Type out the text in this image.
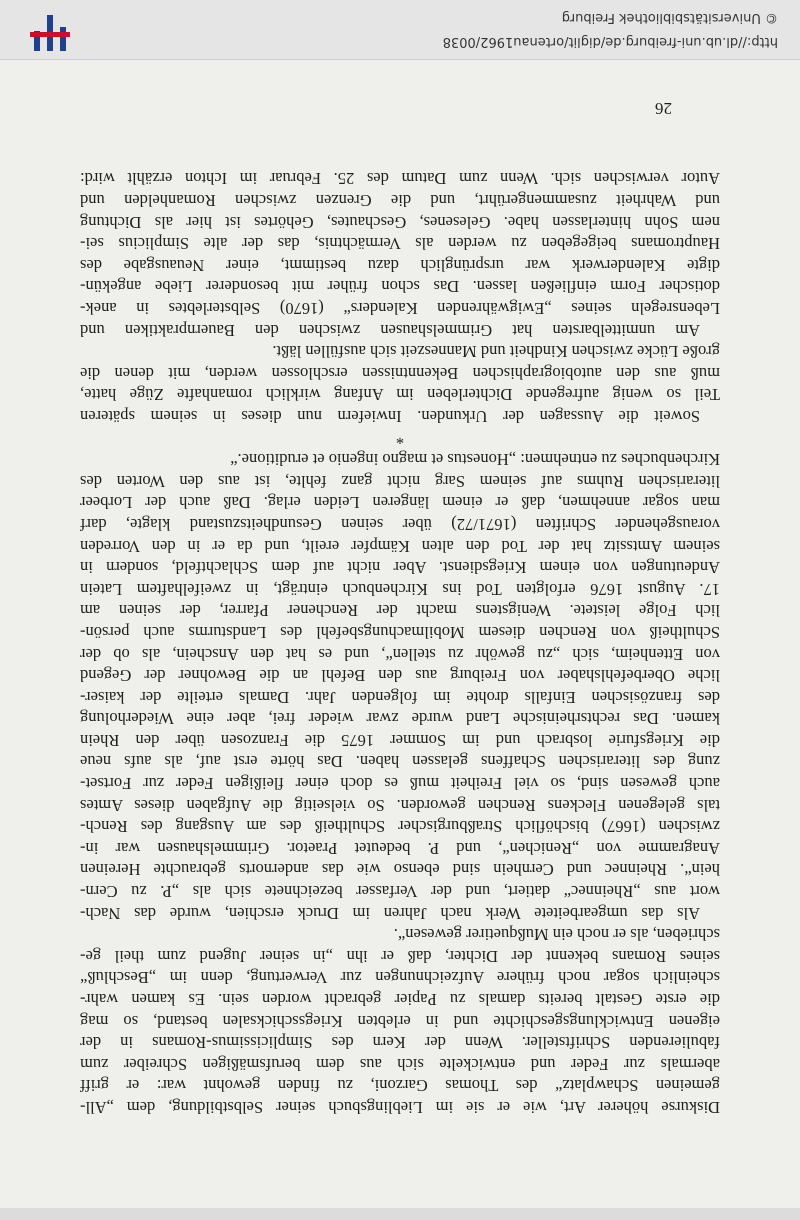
Diskurse höherer Art, wie er sie im Lieblingsbuch seiner Selbstbildung, dem „All-
gemeinen Schawplatz“ des Thomas Garzoni, zu finden gewohnt war: er griff
abermals zur Feder und entwickelte sich aus dem berufsmäßigen Schreiber zum
fabulierenden Schriftsteller. Wenn der Kern des Simplicissimus-Romans in der
eigenen Entwicklungsgeschichte und in erlebten Kriegsschicksalen bestand, so mag
die erste Gestalt bereits damals zu Papier gebracht worden sein. Es kamen wahr-
scheinlich sogar noch frühere Aufzeichnungen zur Verwertung, denn im „Beschluß“
seines Romans bekennt der Dichter, daß er ihn „in seiner Jugend zum theil ge-
schrieben, als er noch ein Mußquetirer gewesen“.
Als das umgearbeitete Werk nach Jahren im Druck erschien, wurde das Nach-
wort aus „Rheinnec“ datiert, und der Verfasser bezeichnete sich als „P. zu Cern-
hein“. Rheinnec und Cernhein sind ebenso wie das andernorts gebrauchte Hereinen
Anagramme von „Renichen“, und P. bedeutet Praetor. Grimmelshausen war in-
zwischen (1667) bischöflich Straßburgischer Schultheiß des am Ausgang des Rench-
tals gelegenen Fleckens Renchen geworden. So vielseitig die Aufgaben dieses Amtes
auch gewesen sind, so viel Freiheit muß es doch einer fleißigen Feder zur Fortset-
zung des literarischen Schaffens gelassen haben. Das hörte erst auf, als aufs neue
die Kriegsfurie losbrach und im Sommer 1675 die Franzosen über den Rhein
kamen. Das rechtsrheinische Land wurde zwar wieder frei, aber eine Wiederholung
des französischen Einfalls drohte im folgenden Jahr. Damals erteilte der kaiser-
liche Oberbefehlshaber von Freiburg aus den Befehl an die Bewohner der Gegend
von Ettenheim, sich „zu gewöhr zu stellen“, und es hat den Anschein, als ob der
Schultheiß von Renchen diesem Mobilmachungsbefehl des Landsturms auch persön-
lich Folge leistete. Wenigstens macht der Renchener Pfarrer, der seinen am
17. August 1676 erfolgten Tod ins Kirchenbuch einträgt, in zweifelhaftem Latein
Andeutungen von einem Kriegsdienst. Aber nicht auf dem Schlachtfeld, sondern in
seinem Amtssitz hat der Tod den alten Kämpfer ereilt, und da er in den Vorreden
vorausgehender Schriften (1671/72) über seinen Gesundheitszustand klagte, darf
man sogar annehmen, daß er einem längeren Leiden erlag. Daß auch der Lorbeer
literarischen Ruhms auf seinem Sarg nicht ganz fehlte, ist aus den Worten des
Kirchenbuches zu entnehmen: „Honestus et magno ingenio et eruditione.“
*
Soweit die Aussagen der Urkunden. Inwiefern nun dieses in seinem späteren
Teil so wenig aufregende Dichterleben im Anfang wirklich romanhafte Züge hatte,
muß aus den autobiographischen Bekenntnissen erschlossen werden, mit denen die
große Lücke zwischen Kindheit und Manneszeit sich ausfüllen läßt.
Am unmittelbarsten hat Grimmelshausen zwischen den Bauernpraktiken und
Lebensregeln seines „Ewigwährenden Kalenders“ (1670) Selbsterlebtes in anek-
dotischer Form einfließen lassen. Das schon früher mit besonderer Liebe angekün-
digte Kalenderwerk war ursprünglich dazu bestimmt, einer Neuausgabe des
Hauptromans beigegeben zu werden als Vermächtnis, das der alte Simplicius sei-
nem Sohn hinterlassen habe. Gelesenes, Geschautes, Gehörtes ist hier als Dichtung
und Wahrheit zusammengerührt, und die Grenzen zwischen Romanhelden und
Autor verwischen sich. Wenn zum Datum des 25. Februar im Ichton erzählt wird:
26
http://dl.ub.uni-freiburg.de/diglit/ortenau1962/0038
© Universitätsbibliothek Freiburg
